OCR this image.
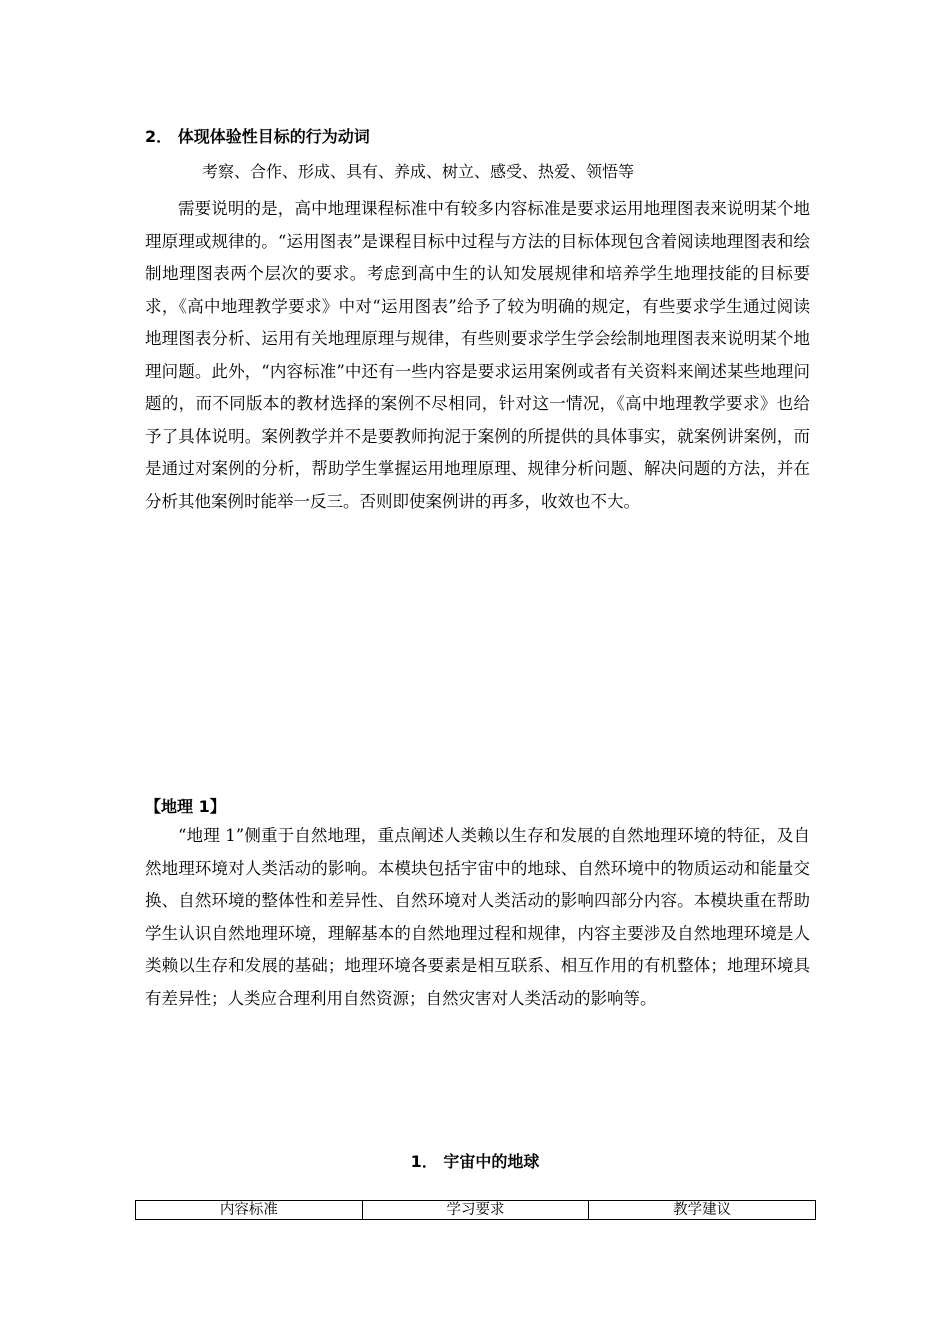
2． 体现体验性目标的行为动词
考察、合作、形成、具有、养成、树立、感受、热爱、领悟等

需要说明的是，高中地理课程标准中有较多内容标准是要求运用地理图表来说明某个地理原理或规律的。“运用图表”是课程目标中过程与方法的目标体现包含着阅读地理图表和绘制地理图表两个层次的要求。考虑到高中生的认知发展规律和培养学生地理技能的目标要求，《高中地理教学要求》中对“运用图表”给予了较为明确的规定，有些要求学生通过阅读地理图表分析、运用有关地理原理与规律，有些则要求学生学会绘制地理图表来说明某个地理问题。此外，“内容标准”中还有一些内容是要求运用案例或者有关资料来阐述某些地理问题的，而不同版本的教材选择的案例不尽相同，针对这一情况，《高中地理教学要求》也给予了具体说明。案例教学并不是要教师拘泥于案例的所提供的具体事实，就案例讲案例，而是通过对案例的分析，帮助学生掌握运用地理原理、规律分析问题、解决问题的方法，并在分析其他案例时能举一反三。否则即使案例讲的再多，收效也不大。

【地理 1】

“地理 1”侧重于自然地理，重点阐述人类赖以生存和发展的自然地理环境的特征，及自然地理环境对人类活动的影响。本模块包括宇宙中的地球、自然环境中的物质运动和能量交换、自然环境的整体性和差异性、自然环境对人类活动的影响四部分内容。本模块重在帮助学生认识自然地理环境，理解基本的自然地理过程和规律，内容主要涉及自然地理环境是人类赖以生存和发展的基础；地理环境各要素是相互联系、相互作用的有机整体；地理环境具有差异性；人类应合理利用自然资源；自然灾害对人类活动的影响等。

1． 宇宙中的地球
内容标准	学习要求	教学建议
